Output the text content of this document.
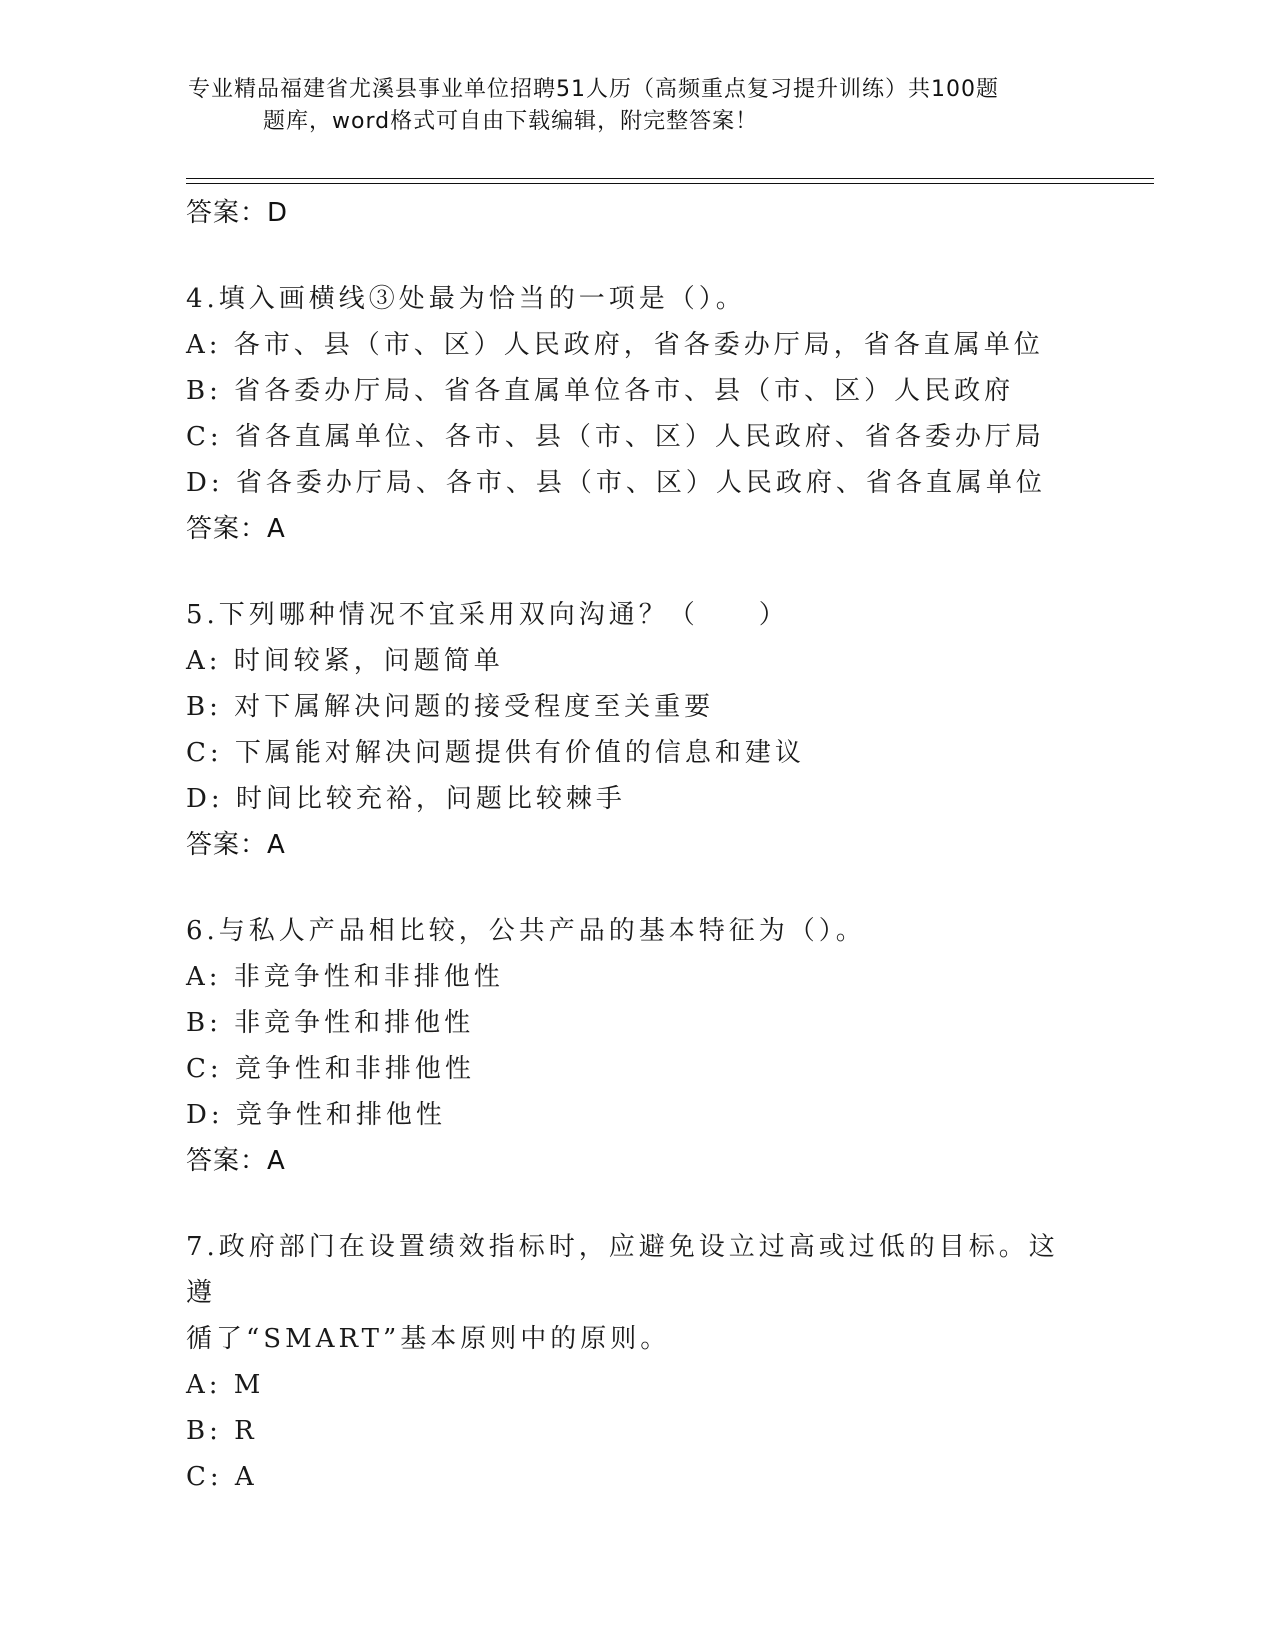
专业精品福建省尤溪县事业单位招聘51人历（高频重点复习提升训练）共100题
题库，word格式可自由下载编辑，附完整答案！
答案：D
4.填入画横线③处最为恰当的一项是（）。
A: 各市、县（市、区）人民政府，省各委办厅局，省各直属单位
B: 省各委办厅局、省各直属单位各市、县（市、区）人民政府
C: 省各直属单位、各市、县（市、区）人民政府、省各委办厅局
D: 省各委办厅局、各市、县（市、区）人民政府、省各直属单位
答案：A
5.下列哪种情况不宜采用双向沟通？（　　）
A: 时间较紧，问题简单
B: 对下属解决问题的接受程度至关重要
C: 下属能对解决问题提供有价值的信息和建议
D: 时间比较充裕，问题比较棘手
答案：A
6.与私人产品相比较，公共产品的基本特征为（）。
A: 非竞争性和非排他性
B: 非竞争性和排他性
C: 竞争性和非排他性
D: 竞争性和排他性
答案：A
7.政府部门在设置绩效指标时，应避免设立过高或过低的目标。这遵
循了“SMART”基本原则中的原则。
A: M
B: R
C: A
